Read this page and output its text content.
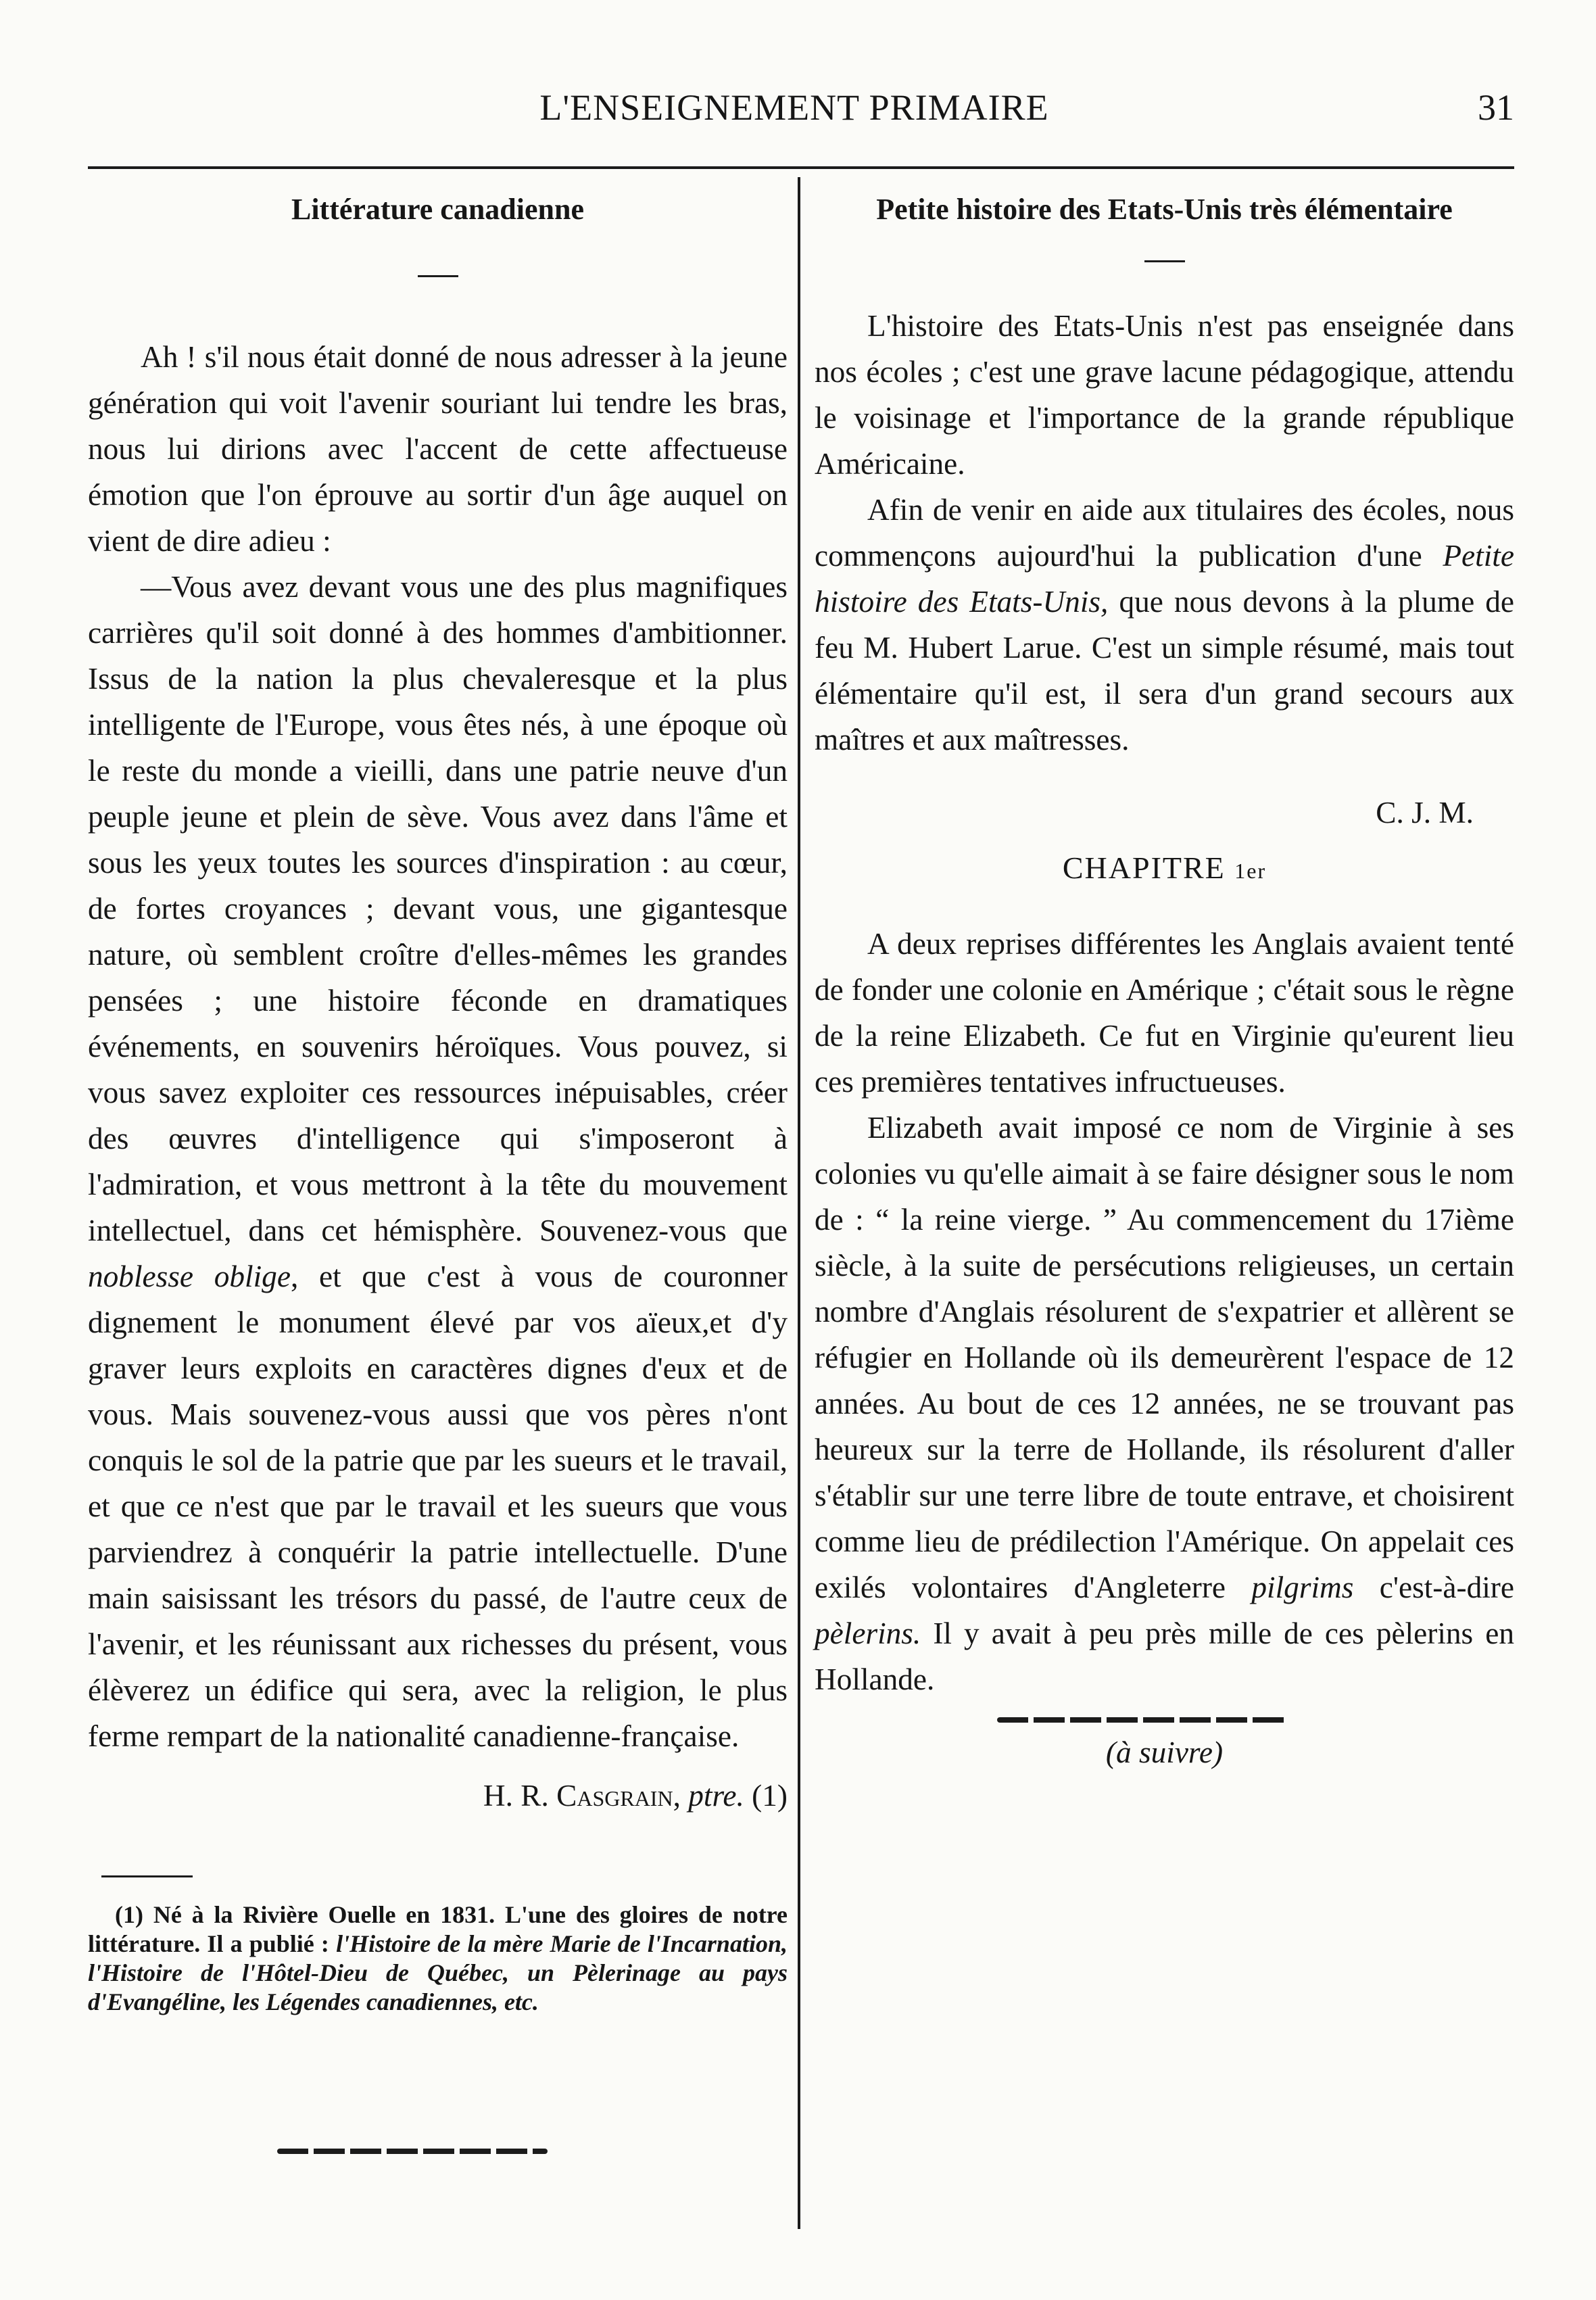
L'ENSEIGNEMENT PRIMAIRE	31
Littérature canadienne

Ah ! s'il nous était donné de nous adresser à la jeune génération qui voit l'avenir souriant lui tendre les bras, nous lui dirions avec l'accent de cette affectueuse émotion que l'on éprouve au sortir d'un âge auquel on vient de dire adieu :

—Vous avez devant vous une des plus magnifiques carrières qu'il soit donné à des hommes d'ambitionner. Issus de la nation la plus chevaleresque et la plus intelligente de l'Europe, vous êtes nés, à une époque où le reste du monde a vieilli, dans une patrie neuve d'un peuple jeune et plein de sève. Vous avez dans l'âme et sous les yeux toutes les sources d'inspiration : au cœur, de fortes croyances ; devant vous, une gigantesque nature, où semblent croître d'elles-mêmes les grandes pensées ; une histoire féconde en dramatiques événements, en souvenirs héroïques. Vous pouvez, si vous savez exploiter ces ressources inépuisables, créer des œuvres d'intelligence qui s'imposeront à l'admiration, et vous mettront à la tête du mouvement intellectuel, dans cet hémisphère. Souvenez-vous que noblesse oblige, et que c'est à vous de couronner dignement le monument élevé par vos aïeux,et d'y graver leurs exploits en caractères dignes d'eux et de vous. Mais souvenez-vous aussi que vos pères n'ont conquis le sol de la patrie que par les sueurs et le travail, et que ce n'est que par le travail et les sueurs que vous parviendrez à conquérir la patrie intellectuelle. D'une main saisissant les trésors du passé, de l'autre ceux de l'avenir, et les réunissant aux richesses du présent, vous élèverez un édifice qui sera, avec la religion, le plus ferme rempart de la nationalité canadienne-française.

H. R. Casgrain, ptre. (1)
(1) Né à la Rivière Ouelle en 1831. L'une des gloires de notre littérature. Il a publié : l'Histoire de la mère Marie de l'Incarnation, l'Histoire de l'Hôtel-Dieu de Québec, un Pèlerinage au pays d'Evangéline, les Légendes canadiennes, etc.
Petite histoire des Etats-Unis très élémentaire

L'histoire des Etats-Unis n'est pas enseignée dans nos écoles ; c'est une grave lacune pédagogique, attendu le voisinage et l'importance de la grande république Américaine.

Afin de venir en aide aux titulaires des écoles, nous commençons aujourd'hui la publication d'une Petite histoire des Etats-Unis, que nous devons à la plume de feu M. Hubert Larue. C'est un simple résumé, mais tout élémentaire qu'il est, il sera d'un grand secours aux maîtres et aux maîtresses.

C. J. M.
CHAPITRE 1er

A deux reprises différentes les Anglais avaient tenté de fonder une colonie en Amérique ; c'était sous le règne de la reine Elizabeth. Ce fut en Virginie qu'eurent lieu ces premières tentatives infructueuses.

Elizabeth avait imposé ce nom de Virginie à ses colonies vu qu'elle aimait à se faire désigner sous le nom de : “ la reine vierge. ” Au commencement du 17ième siècle, à la suite de persécutions religieuses, un certain nombre d'Anglais résolurent de s'expatrier et allèrent se réfugier en Hollande où ils demeurèrent l'espace de 12 années. Au bout de ces 12 années, ne se trouvant pas heureux sur la terre de Hollande, ils résolurent d'aller s'établir sur une terre libre de toute entrave, et choisirent comme lieu de prédilection l'Amérique. On appelait ces exilés volontaires d'Angleterre pilgrims c'est-à-dire pèlerins. Il y avait à peu près mille de ces pèlerins en Hollande.

(à suivre)
